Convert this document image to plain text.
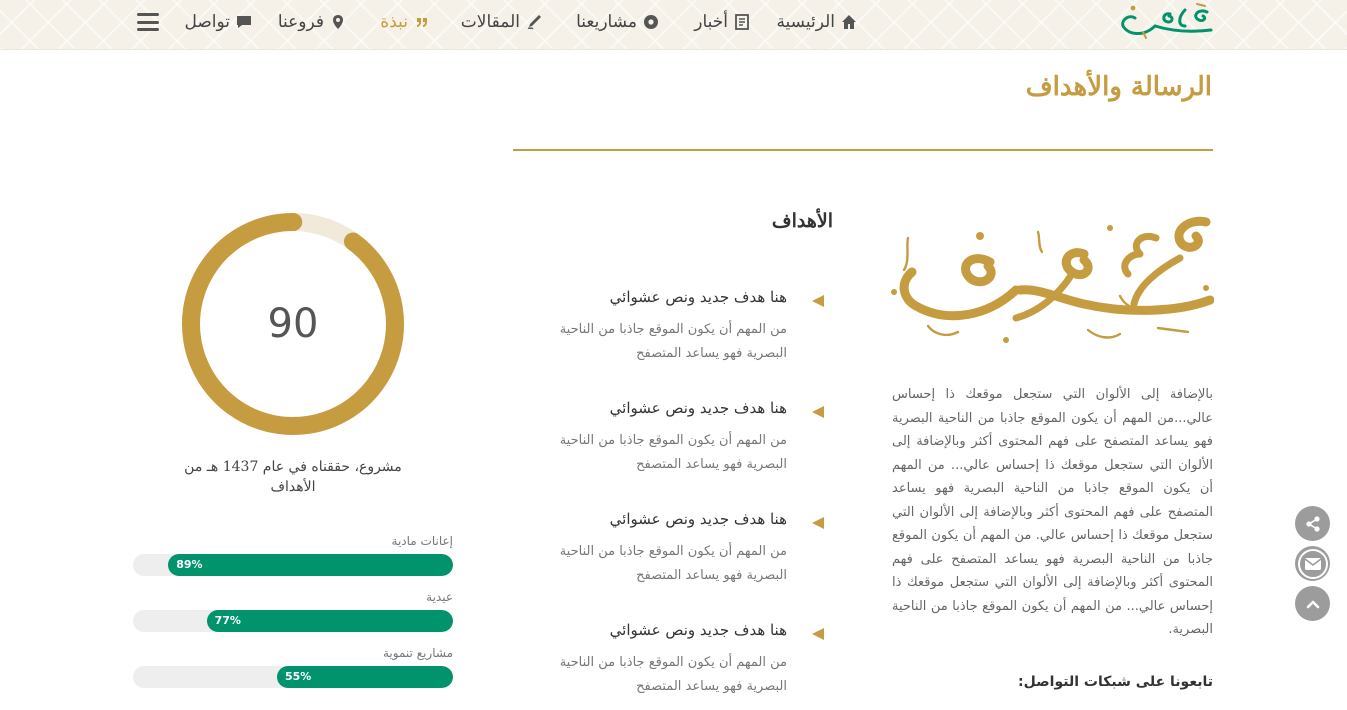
الرئيسية
أخبار
مشاريعنا
المقالات
نبذة
فروعنا
تواصل
الرسالة والأهداف

بالإضافة إلى الألوان التي ستجعل موقعك ذا إحساس عالي...من المهم أن يكون الموقع جاذبا من الناحية البصرية فهو يساعد المتصفح على فهم المحتوى أكثر وبالإضافة إلى الألوان التي ستجعل موقعك ذا إحساس عالي... من المهم أن يكون الموقع جاذبا من الناحية البصرية فهو يساعد المتصفح على فهم المحتوى أكثر وبالإضافة إلى الألوان التي ستجعل موقعك ذا إحساس عالي. من المهم أن يكون الموقع جاذبا من الناحية البصرية فهو يساعد المتصفح على فهم المحتوى أكثر وبالإضافة إلى الألوان التي ستجعل موقعك ذا إحساس عالي... من المهم أن يكون الموقع جاذبا من الناحية البصرية.

تابعونا على شبكات التواصل:
الأهداف
هنا هدف جديد ونص عشوائي
من المهم أن يكون الموقع جاذبا من الناحية البصرية فهو يساعد المتصفح
هنا هدف جديد ونص عشوائي
من المهم أن يكون الموقع جاذبا من الناحية البصرية فهو يساعد المتصفح
هنا هدف جديد ونص عشوائي
من المهم أن يكون الموقع جاذبا من الناحية البصرية فهو يساعد المتصفح
هنا هدف جديد ونص عشوائي
من المهم أن يكون الموقع جاذبا من الناحية البصرية فهو يساعد المتصفح
90
مشروع، حققناه في عام 1437 هـ من الأهداف
إعانات مادية
89%
عيدية
77%
مشاريع تنموية
55%
